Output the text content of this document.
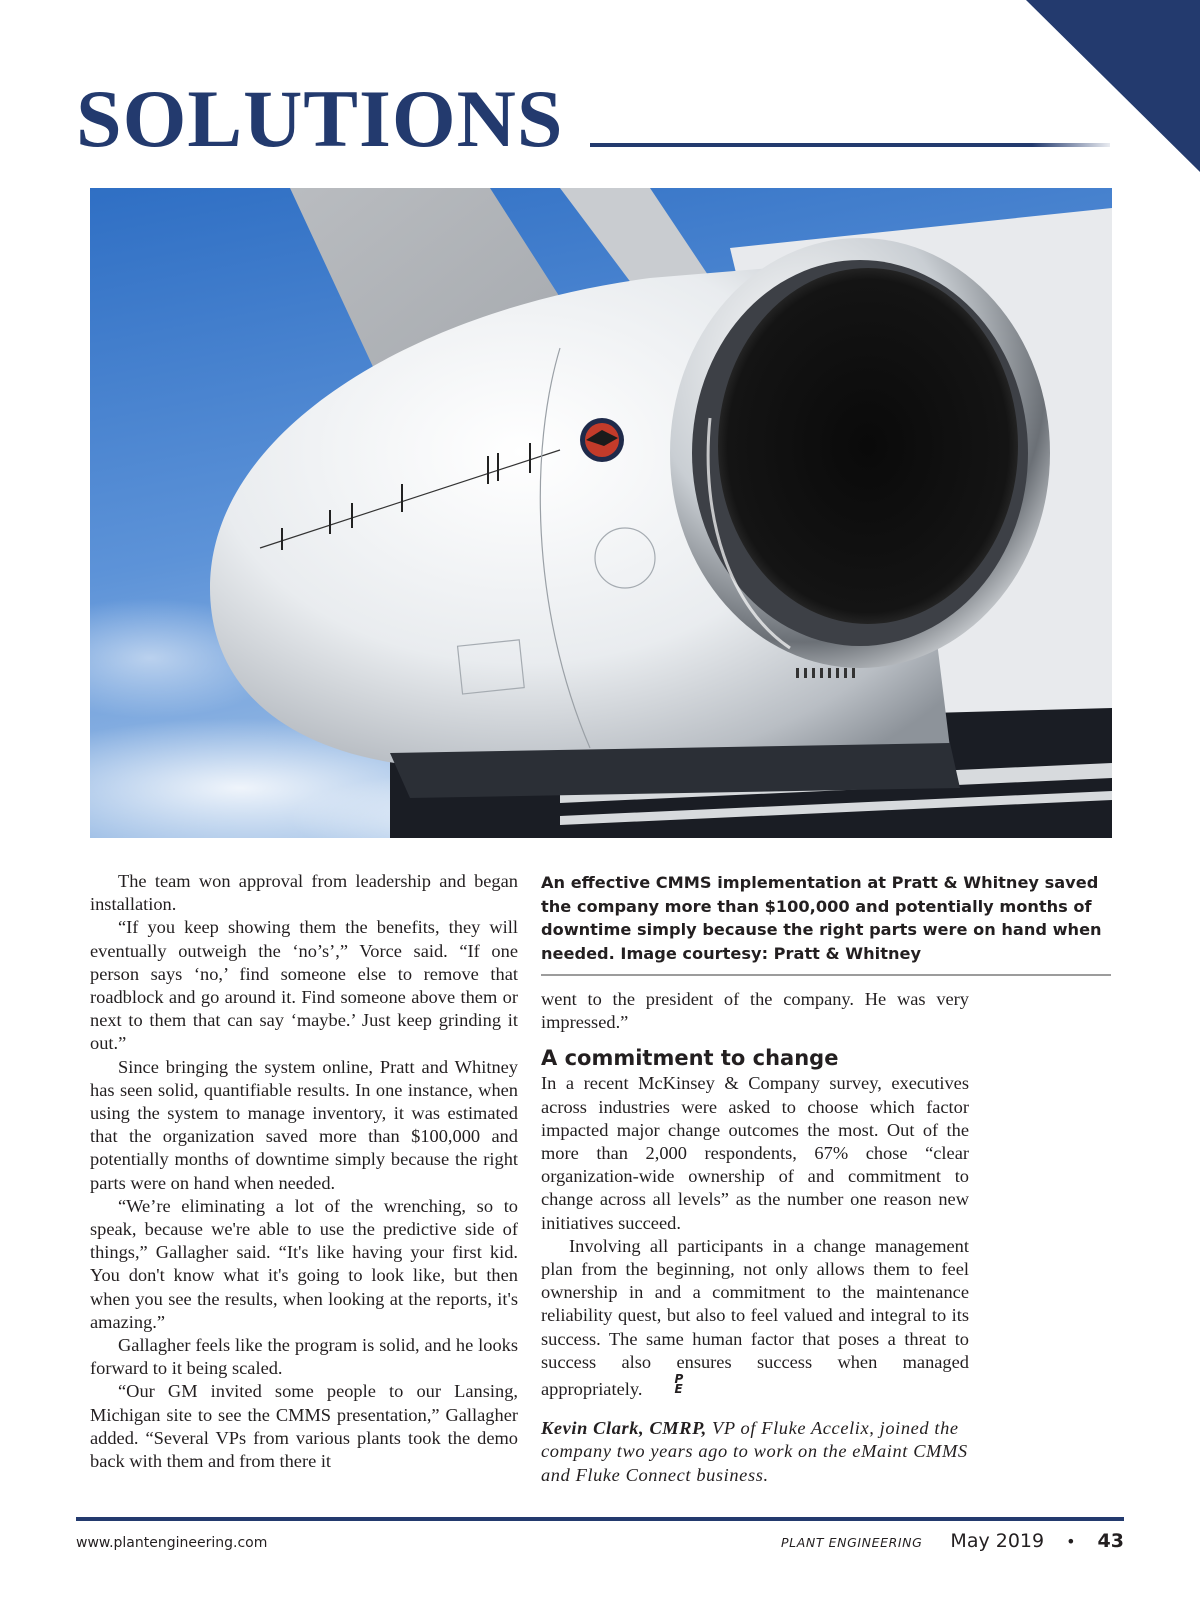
SOLUTIONS

The team won approval from leadership and began installation.

“If you keep showing them the benefits, they will eventually outweigh the ‘no’s’,” Vorce said. “If one person says ‘no,’ find someone else to remove that roadblock and go around it. Find someone above them or next to them that can say ‘maybe.’ Just keep grinding it out.”

Since bringing the system online, Pratt and Whitney has seen solid, quantifiable results. In one instance, when using the system to manage inventory, it was estimated that the organization saved more than $100,000 and potentially months of downtime simply because the right parts were on hand when needed.

“We’re eliminating a lot of the wrenching, so to speak, because we're able to use the predictive side of things,” Gallagher said. “It's like having your first kid. You don't know what it's going to look like, but then when you see the results, when looking at the reports, it's amazing.”

Gallagher feels like the program is solid, and he looks forward to it being scaled.

“Our GM invited some people to our Lansing, Michigan site to see the CMMS presentation,” Gallagher added. “Several VPs from various plants took the demo back with them and from there it

An effective CMMS implementation at Pratt & Whitney saved the company more than $100,000 and potentially months of downtime simply because the right parts were on hand when needed. Image courtesy: Pratt & Whitney

went to the president of the company. He was very impressed.”

A commitment to change

In a recent McKinsey & Company survey, executives across industries were asked to choose which factor impacted major change outcomes the most. Out of the more than 2,000 respondents, 67% chose “clear organization-wide ownership of and commitment to change across all levels” as the number one reason new initiatives succeed.

Involving all participants in a change management plan from the beginning, not only allows them to feel ownership in and a commitment to the maintenance reliability quest, but also to feel valued and integral to its success. The same human factor that poses a threat to success also ensures success when managed appropriately.	P
E

Kevin Clark, CMRP, VP of Fluke Accelix, joined the company two years ago to work on the eMaint CMMS and Fluke Connect business.

www.plantengineering.com	PLANT ENGINEERING May 2019 • 43
